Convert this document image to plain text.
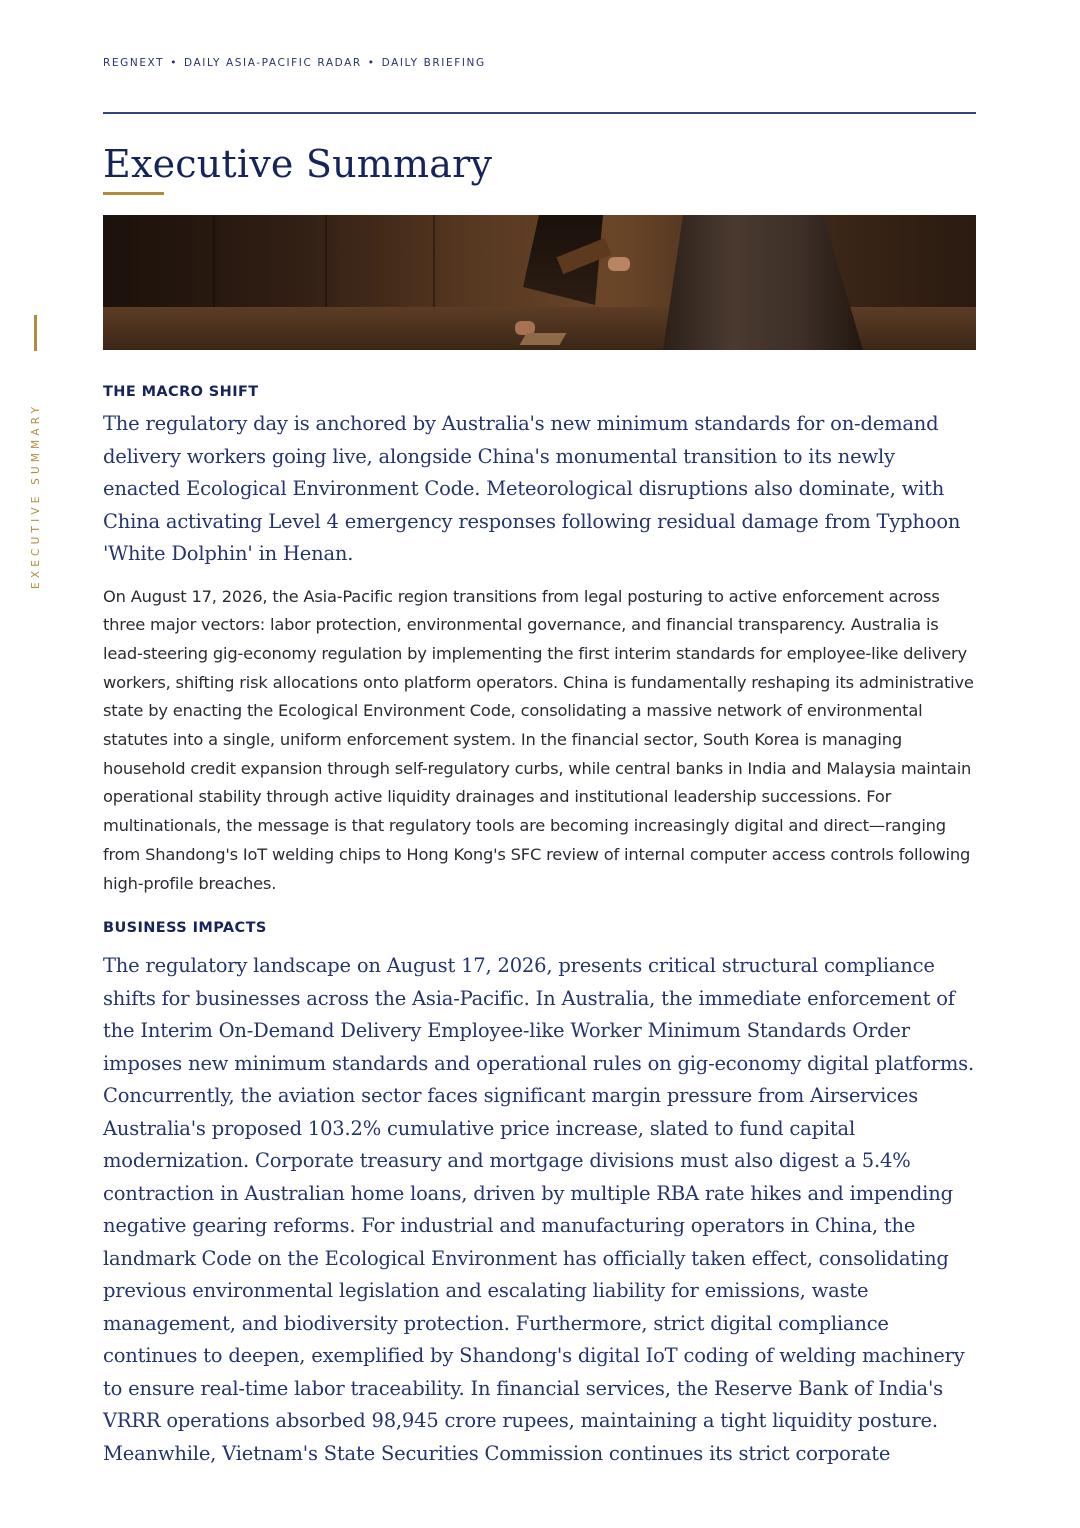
EXECUTIVE SUMMARY
REGNEXT • DAILY ASIA-PACIFIC RADAR • DAILY BRIEFING
Executive Summary
THE MACRO SHIFT

The regulatory day is anchored by Australia's new minimum standards for on-demand delivery workers going live, alongside China's monumental transition to its newly enacted Ecological Environment Code. Meteorological disruptions also dominate, with China activating Level 4 emergency responses following residual damage from Typhoon 'White Dolphin' in Henan.

On August 17, 2026, the Asia-Pacific region transitions from legal posturing to active enforcement across three major vectors: labor protection, environmental governance, and financial transparency. Australia is lead-steering gig-economy regulation by implementing the first interim standards for employee-like delivery workers, shifting risk allocations onto platform operators. China is fundamentally reshaping its administrative state by enacting the Ecological Environment Code, consolidating a massive network of environmental statutes into a single, uniform enforcement system. In the financial sector, South Korea is managing household credit expansion through self-regulatory curbs, while central banks in India and Malaysia maintain operational stability through active liquidity drainages and institutional leadership successions. For multinationals, the message is that regulatory tools are becoming increasingly digital and direct—ranging from Shandong's IoT welding chips to Hong Kong's SFC review of internal computer access controls following high-profile breaches.

BUSINESS IMPACTS

The regulatory landscape on August 17, 2026, presents critical structural compliance shifts for businesses across the Asia-Pacific. In Australia, the immediate enforcement of the Interim On-Demand Delivery Employee-like Worker Minimum Standards Order imposes new minimum standards and operational rules on gig-economy digital platforms. Concurrently, the aviation sector faces significant margin pressure from Airservices Australia's proposed 103.2% cumulative price increase, slated to fund capital modernization. Corporate treasury and mortgage divisions must also digest a 5.4% contraction in Australian home loans, driven by multiple RBA rate hikes and impending negative gearing reforms. For industrial and manufacturing operators in China, the landmark Code on the Ecological Environment has officially taken effect, consolidating previous environmental legislation and escalating liability for emissions, waste management, and biodiversity protection. Furthermore, strict digital compliance continues to deepen, exemplified by Shandong's digital IoT coding of welding machinery to ensure real-time labor traceability. In financial services, the Reserve Bank of India's VRRR operations absorbed 98,945 crore rupees, maintaining a tight liquidity posture. Meanwhile, Vietnam's State Securities Commission continues its strict corporate
